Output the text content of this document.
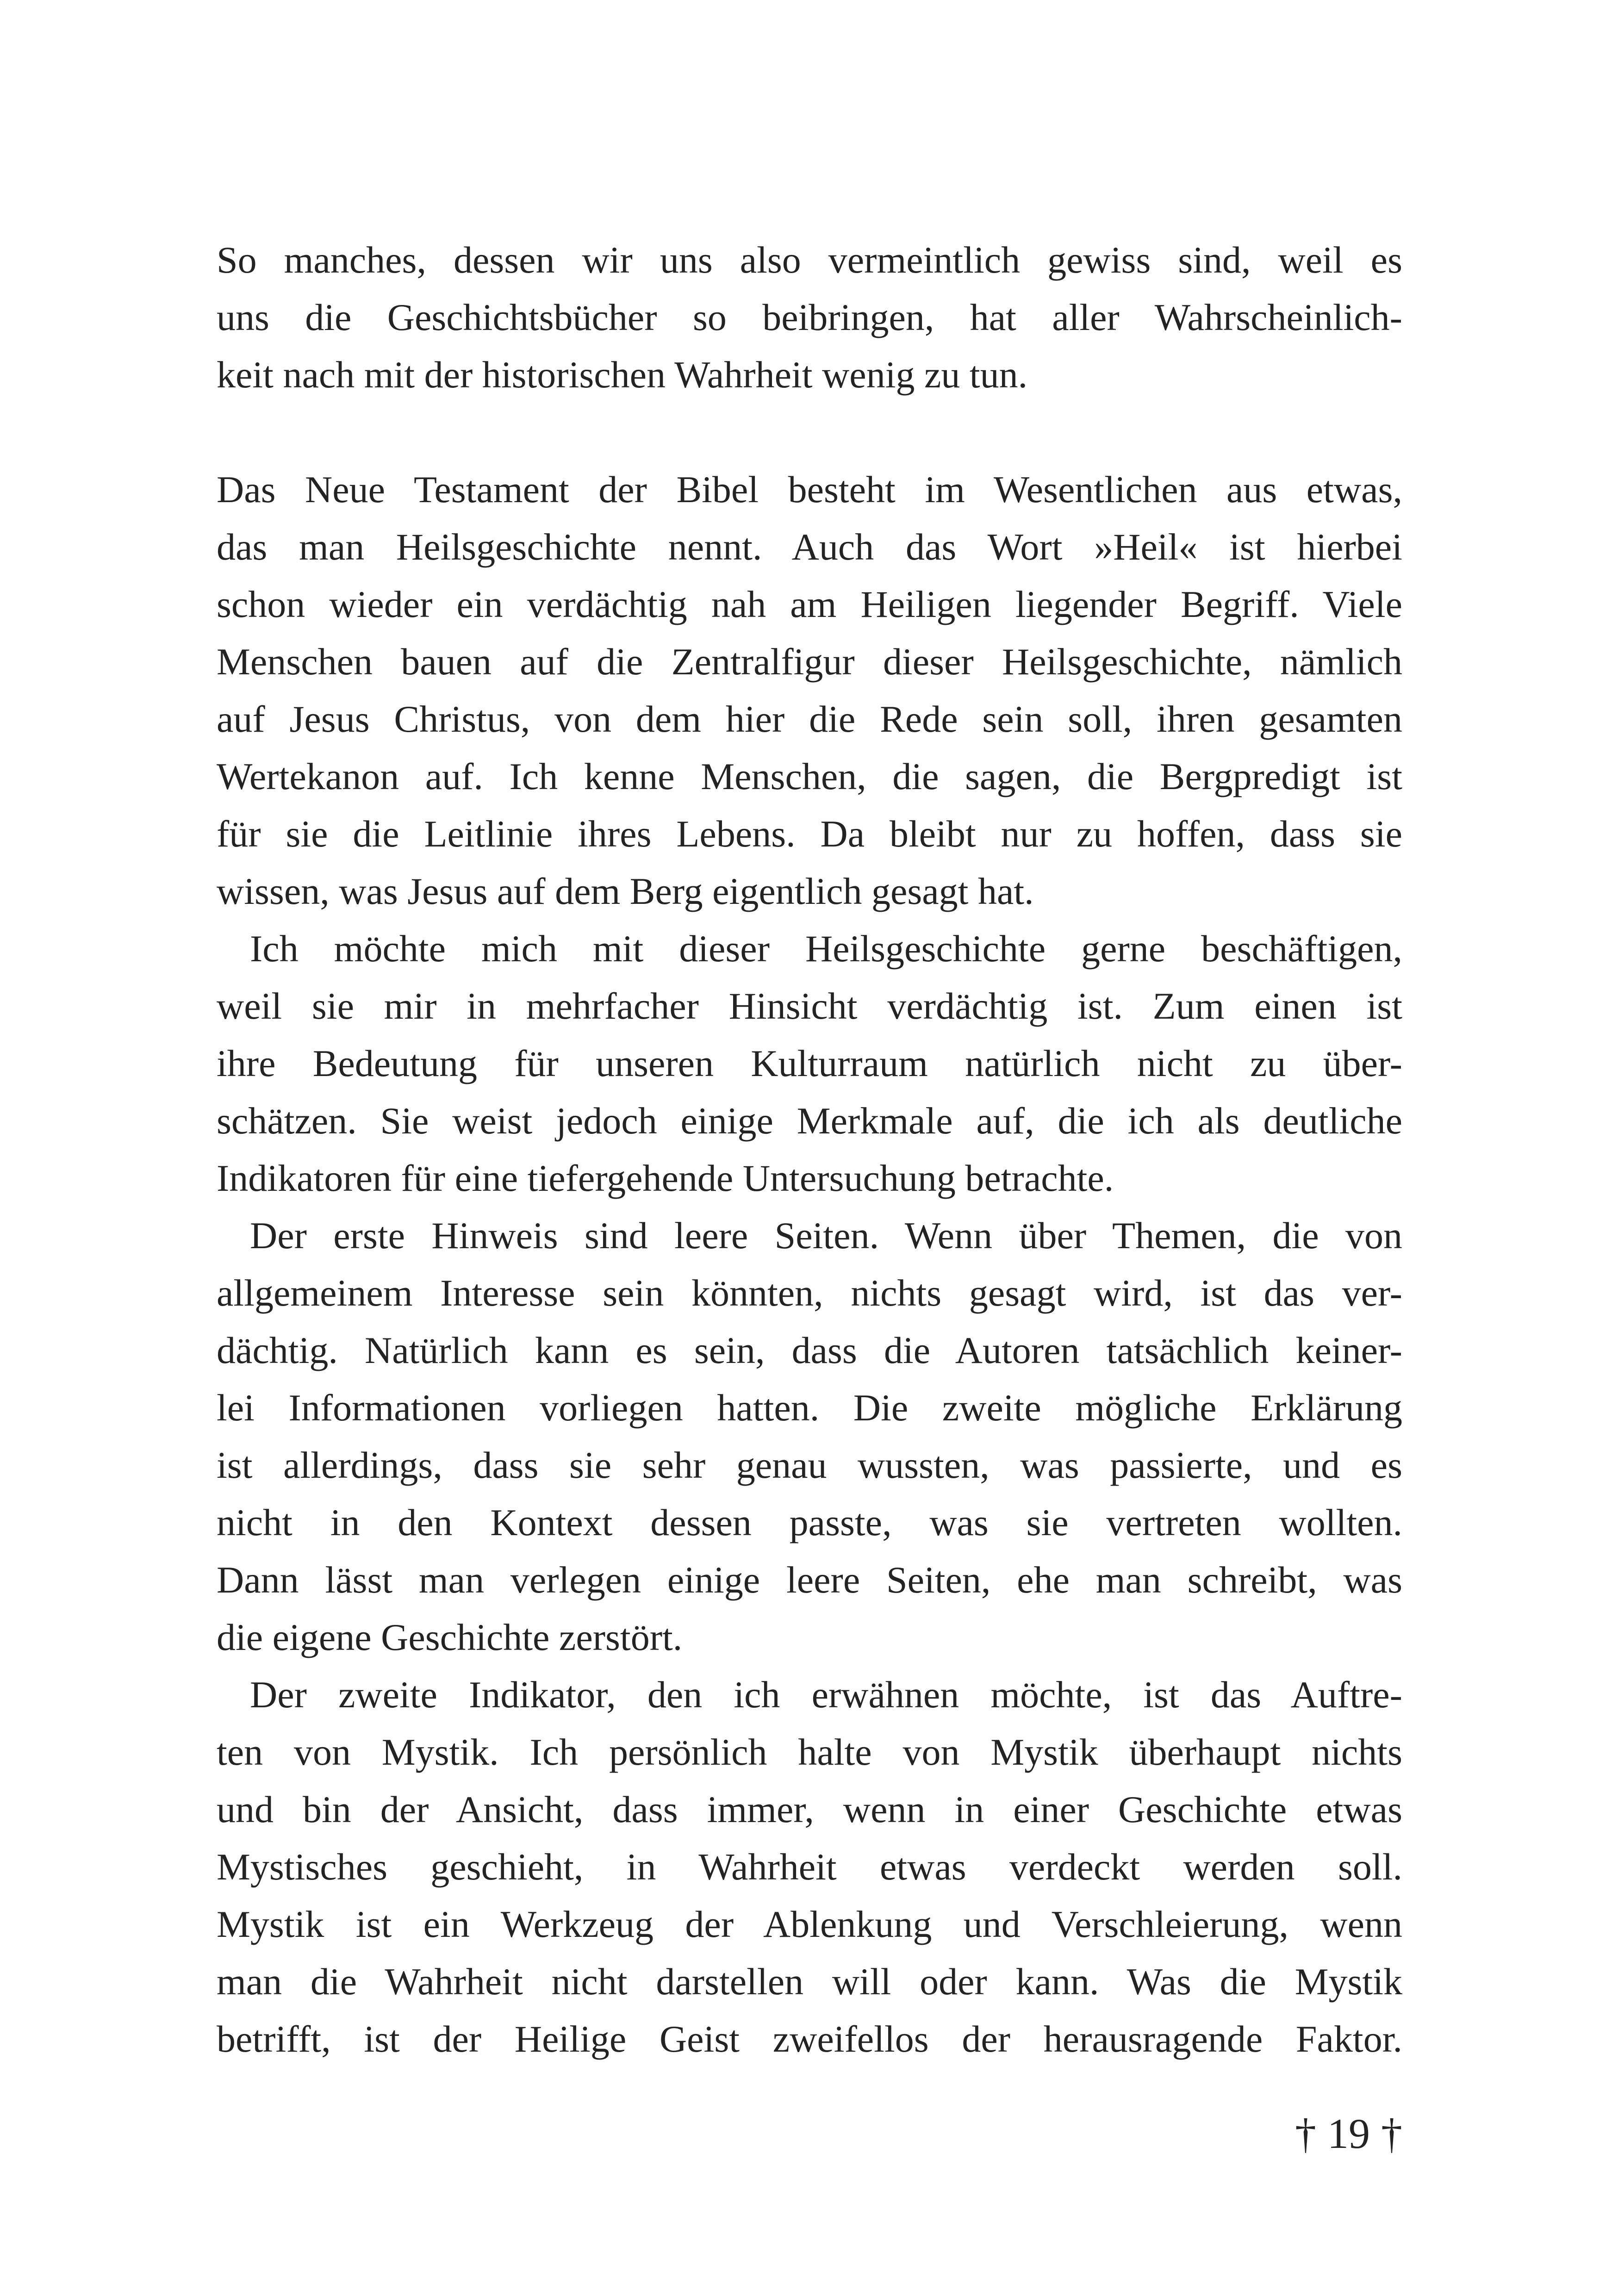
So manches, dessen wir uns also vermeintlich gewiss sind, weil es
uns die Geschichtsbücher so beibringen, hat aller Wahrscheinlich-
keit nach mit der historischen Wahrheit wenig zu tun.
Das Neue Testament der Bibel besteht im Wesentlichen aus etwas,
das man Heilsgeschichte nennt. Auch das Wort »Heil« ist hierbei
schon wieder ein verdächtig nah am Heiligen liegender Begriff. Viele
Menschen bauen auf die Zentralfigur dieser Heilsgeschichte, nämlich
auf Jesus Christus, von dem hier die Rede sein soll, ihren gesamten
Wertekanon auf. Ich kenne Menschen, die sagen, die Bergpredigt ist
für sie die Leitlinie ihres Lebens. Da bleibt nur zu hoffen, dass sie
wissen, was Jesus auf dem Berg eigentlich gesagt hat.
Ich möchte mich mit dieser Heilsgeschichte gerne beschäftigen,
weil sie mir in mehrfacher Hinsicht verdächtig ist. Zum einen ist
ihre Bedeutung für unseren Kulturraum natürlich nicht zu über-
schätzen. Sie weist jedoch einige Merkmale auf, die ich als deutliche
Indikatoren für eine tiefergehende Untersuchung betrachte.
Der erste Hinweis sind leere Seiten. Wenn über Themen, die von
allgemeinem Interesse sein könnten, nichts gesagt wird, ist das ver-
dächtig. Natürlich kann es sein, dass die Autoren tatsächlich keiner-
lei Informationen vorliegen hatten. Die zweite mögliche Erklärung
ist allerdings, dass sie sehr genau wussten, was passierte, und es
nicht in den Kontext dessen passte, was sie vertreten wollten.
Dann lässt man verlegen einige leere Seiten, ehe man schreibt, was
die eigene Geschichte zerstört.
Der zweite Indikator, den ich erwähnen möchte, ist das Auftre-
ten von Mystik. Ich persönlich halte von Mystik überhaupt nichts
und bin der Ansicht, dass immer, wenn in einer Geschichte etwas
Mystisches geschieht, in Wahrheit etwas verdeckt werden soll.
Mystik ist ein Werkzeug der Ablenkung und Verschleierung, wenn
man die Wahrheit nicht darstellen will oder kann. Was die Mystik
betrifft, ist der Heilige Geist zweifellos der herausragende Faktor.
† 19 †
